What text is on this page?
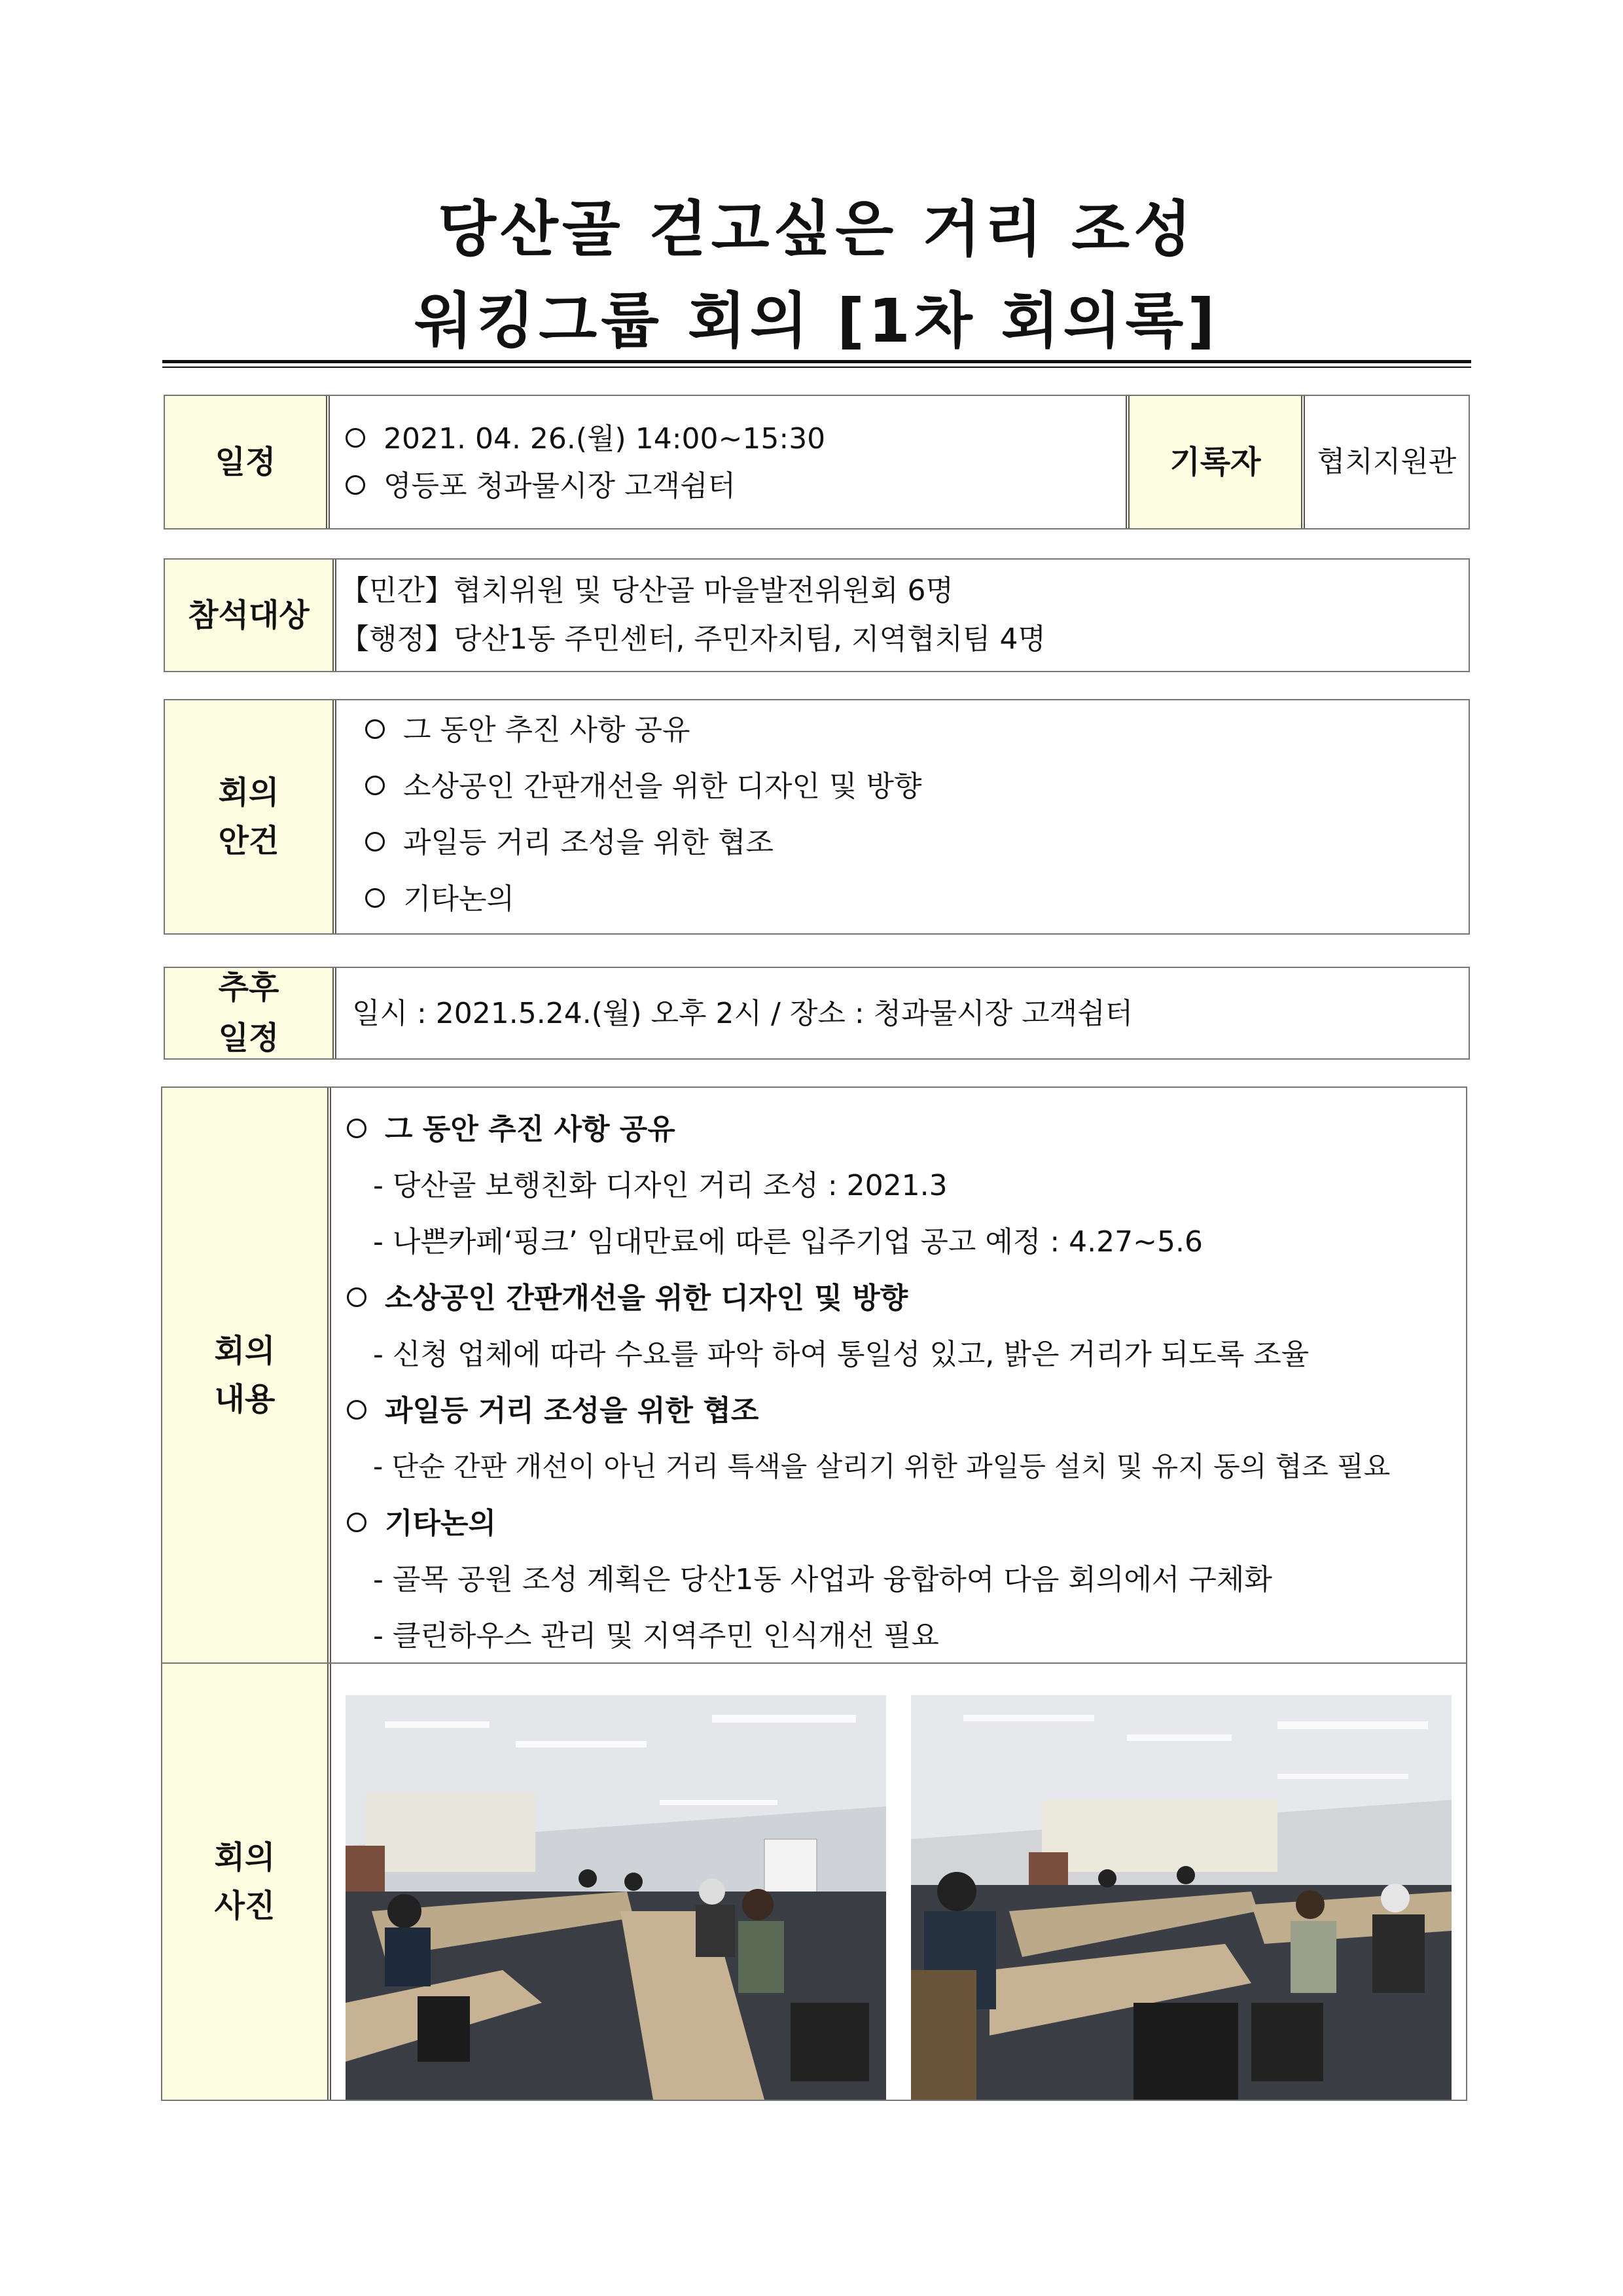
당산골 걷고싶은 거리 조성
워킹그룹 회의 [1차 회의록]
일정
2021. 04. 26.(월) 14:00~15:30
영등포 청과물시장 고객쉼터
기록자	협치지원관
참석대상
【민간】협치위원 및 당산골 마을발전위원회 6명
【행정】당산1동 주민센터, 주민자치팀, 지역협치팀 4명
회의
안건
그 동안 추진 사항 공유
소상공인 간판개선을 위한 디자인 및 방향
과일등 거리 조성을 위한 협조
기타논의
추후
일정
일시 : 2021.5.24.(월) 오후 2시 / 장소 : 청과물시장 고객쉼터
회의
내용
그 동안 추진 사항 공유
- 당산골 보행친화 디자인 거리 조성 : 2021.3
- 나쁜카페‘핑크’ 임대만료에 따른 입주기업 공고 예정 : 4.27~5.6
소상공인 간판개선을 위한 디자인 및 방향
- 신청 업체에 따라 수요를 파악 하여 통일성 있고, 밝은 거리가 되도록 조율
과일등 거리 조성을 위한 협조
- 단순 간판 개선이 아닌 거리 특색을 살리기 위한 과일등 설치 및 유지 동의 협조 필요
기타논의
- 골목 공원 조성 계획은 당산1동 사업과 융합하여 다음 회의에서 구체화
- 클린하우스 관리 및 지역주민 인식개선 필요
회의
사진
